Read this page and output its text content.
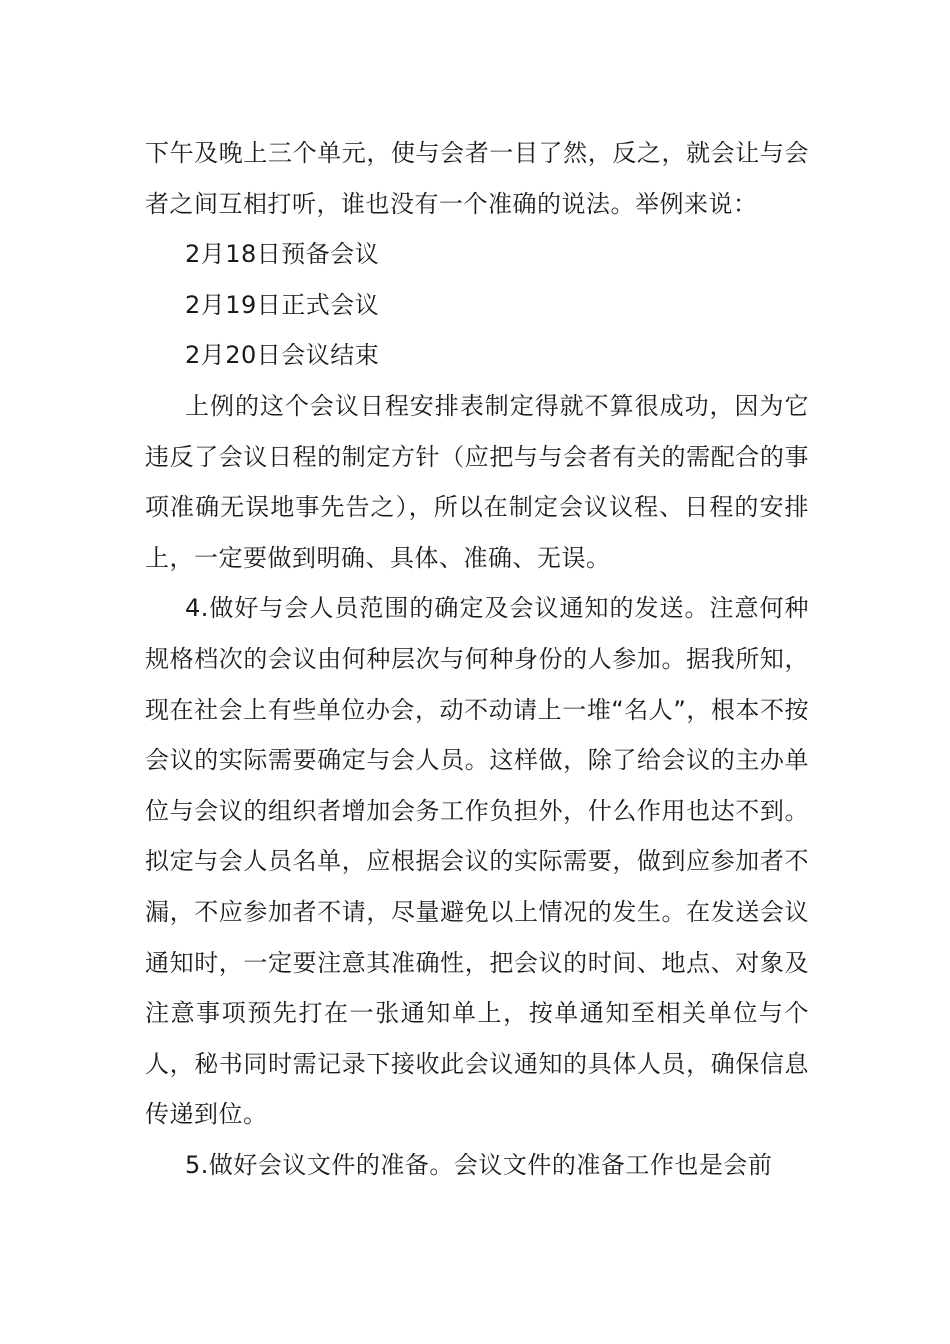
下午及晚上三个单元，使与会者一目了然，反之，就会让与会者之间互相打听，谁也没有一个准确的说法。举例来说：

2月18日预备会议

2月19日正式会议

2月20日会议结束

上例的这个会议日程安排表制定得就不算很成功，因为它违反了会议日程的制定方针（应把与与会者有关的需配合的事项准确无误地事先告之），所以在制定会议议程、日程的安排上，一定要做到明确、具体、准确、无误。

4.做好与会人员范围的确定及会议通知的发送。注意何种规格档次的会议由何种层次与何种身份的人参加。据我所知，现在社会上有些单位办会，动不动请上一堆“名人”，根本不按会议的实际需要确定与会人员。这样做，除了给会议的主办单位与会议的组织者增加会务工作负担外，什么作用也达不到。拟定与会人员名单，应根据会议的实际需要，做到应参加者不漏，不应参加者不请，尽量避免以上情况的发生。在发送会议通知时，一定要注意其准确性，把会议的时间、地点、对象及注意事项预先打在一张通知单上，按单通知至相关单位与个人，秘书同时需记录下接收此会议通知的具体人员，确保信息传递到位。

5.做好会议文件的准备。会议文件的准备工作也是会前
